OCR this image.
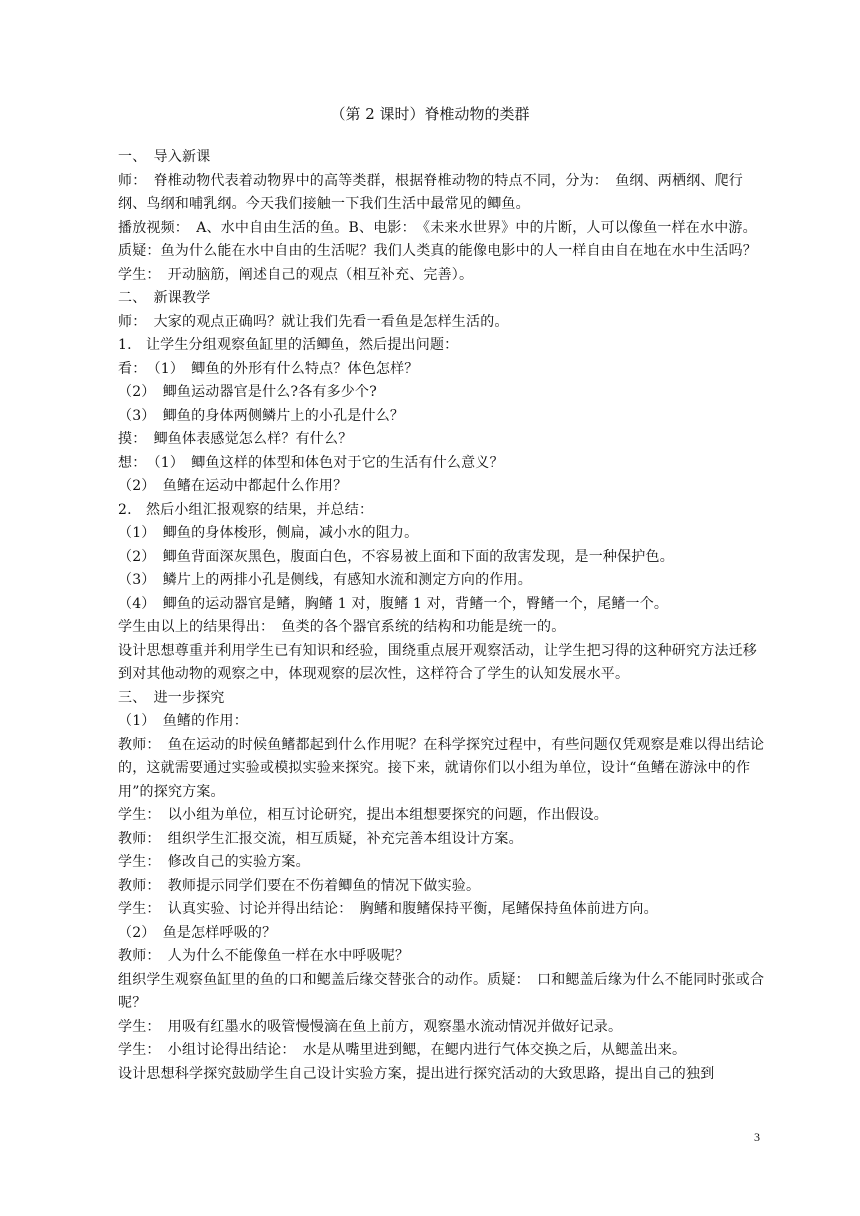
（第 2 课时）脊椎动物的类群

一、　导入新课

师：　脊椎动物代表着动物界中的高等类群，根据脊椎动物的特点不同，分为：　鱼纲、两栖纲、爬行纲、鸟纲和哺乳纲。今天我们接触一下我们生活中最常见的鲫鱼。

播放视频：　A、水中自由生活的鱼。B、电影：　《未来水世界》中的片断，人可以像鱼一样在水中游。

质疑：鱼为什么能在水中自由的生活呢？我们人类真的能像电影中的人一样自由自在地在水中生活吗？

学生：　开动脑筋，阐述自己的观点（相互补充、完善）。

二、　新课教学

师：　大家的观点正确吗？就让我们先看一看鱼是怎样生活的。

1.　让学生分组观察鱼缸里的活鲫鱼，然后提出问题：

看：　（1）　鲫鱼的外形有什么特点？体色怎样？

（2）　鲫鱼运动器官是什么?各有多少个?

（3）　鲫鱼的身体两侧鳞片上的小孔是什么？

摸：　鲫鱼体表感觉怎么样？有什么？

想：　（1）　鲫鱼这样的体型和体色对于它的生活有什么意义？

（2）　鱼鳍在运动中都起什么作用？

2.　然后小组汇报观察的结果，并总结：

（1）　鲫鱼的身体梭形，侧扁，减小水的阻力。

（2）　鲫鱼背面深灰黑色，腹面白色，不容易被上面和下面的敌害发现，是一种保护色。

（3）　鳞片上的两排小孔是侧线，有感知水流和测定方向的作用。

（4）　鲫鱼的运动器官是鳍，胸鳍 1 对，腹鳍 1 对，背鳍一个，臀鳍一个，尾鳍一个。

学生由以上的结果得出：　鱼类的各个器官系统的结构和功能是统一的。

设计思想尊重并利用学生已有知识和经验，围绕重点展开观察活动，让学生把习得的这种研究方法迁移到对其他动物的观察之中，体现观察的层次性，这样符合了学生的认知发展水平。

三、　进一步探究

（1）　鱼鳍的作用：

教师：　鱼在运动的时候鱼鳍都起到什么作用呢？在科学探究过程中，有些问题仅凭观察是难以得出结论的，这就需要通过实验或模拟实验来探究。接下来，就请你们以小组为单位，设计“鱼鳍在游泳中的作用”的探究方案。

学生：　以小组为单位，相互讨论研究，提出本组想要探究的问题，作出假设。

教师：　组织学生汇报交流，相互质疑，补充完善本组设计方案。

学生：　修改自己的实验方案。

教师：　教师提示同学们要在不伤着鲫鱼的情况下做实验。

学生：　认真实验、讨论并得出结论：　胸鳍和腹鳍保持平衡，尾鳍保持鱼体前进方向。

（2）　鱼是怎样呼吸的？

教师：　人为什么不能像鱼一样在水中呼吸呢？

组织学生观察鱼缸里的鱼的口和鳃盖后缘交替张合的动作。质疑：　口和鳃盖后缘为什么不能同时张或合呢？

学生：　用吸有红墨水的吸管慢慢滴在鱼上前方，观察墨水流动情况并做好记录。

学生：　小组讨论得出结论：　水是从嘴里进到鳃，在鳃内进行气体交换之后，从鳃盖出来。

设计思想科学探究鼓励学生自己设计实验方案，提出进行探究活动的大致思路，提出自己的独到

3
